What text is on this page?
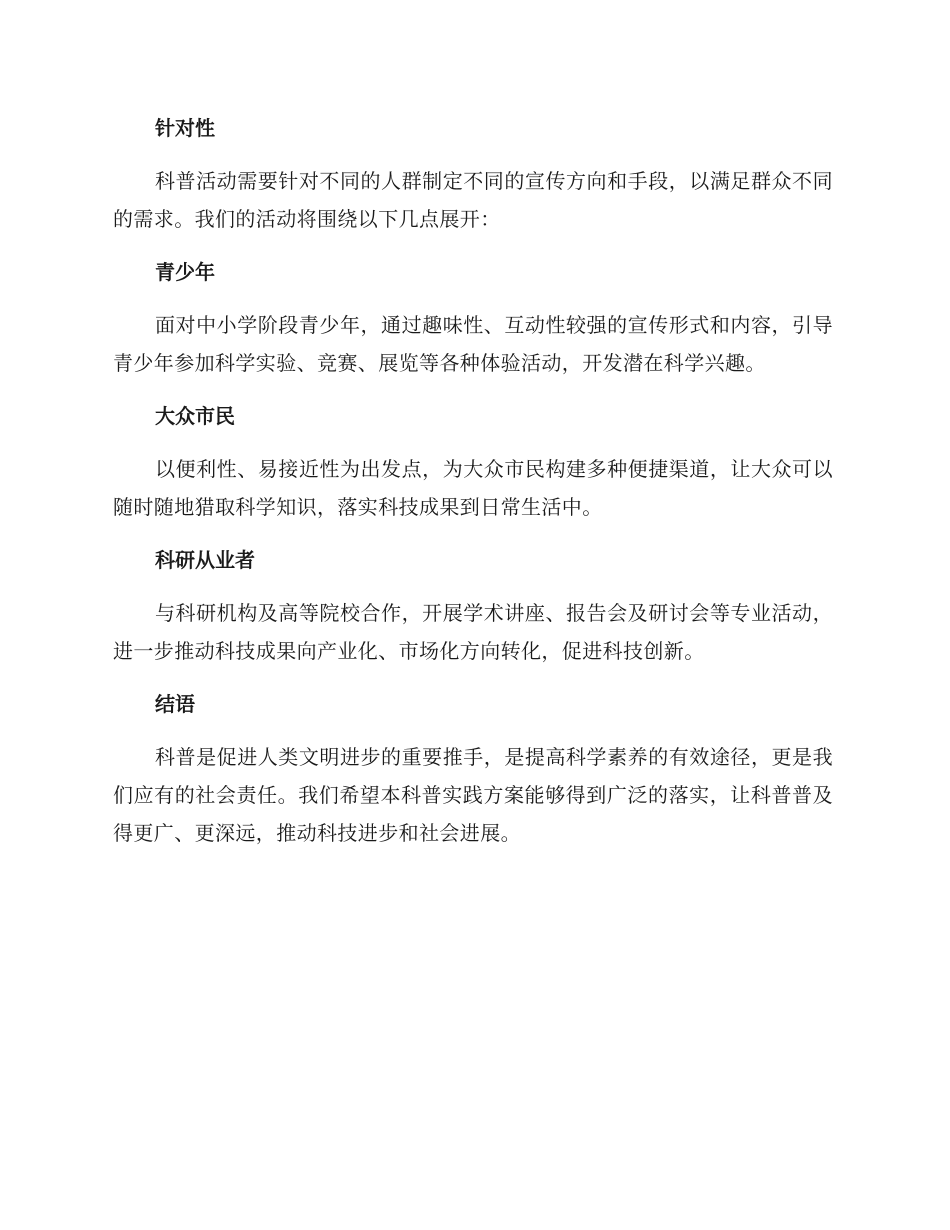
针对性

科普活动需要针对不同的人群制定不同的宣传方向和手段，以满足群众不同的需求。我们的活动将围绕以下几点展开：

青少年

面对中小学阶段青少年，通过趣味性、互动性较强的宣传形式和内容，引导青少年参加科学实验、竞赛、展览等各种体验活动，开发潜在科学兴趣。

大众市民

以便利性、易接近性为出发点，为大众市民构建多种便捷渠道，让大众可以随时随地猎取科学知识，落实科技成果到日常生活中。

科研从业者

与科研机构及高等院校合作，开展学术讲座、报告会及研讨会等专业活动，进一步推动科技成果向产业化、市场化方向转化，促进科技创新。

结语

科普是促进人类文明进步的重要推手，是提高科学素养的有效途径，更是我们应有的社会责任。我们希望本科普实践方案能够得到广泛的落实，让科普普及得更广、更深远，推动科技进步和社会进展。
